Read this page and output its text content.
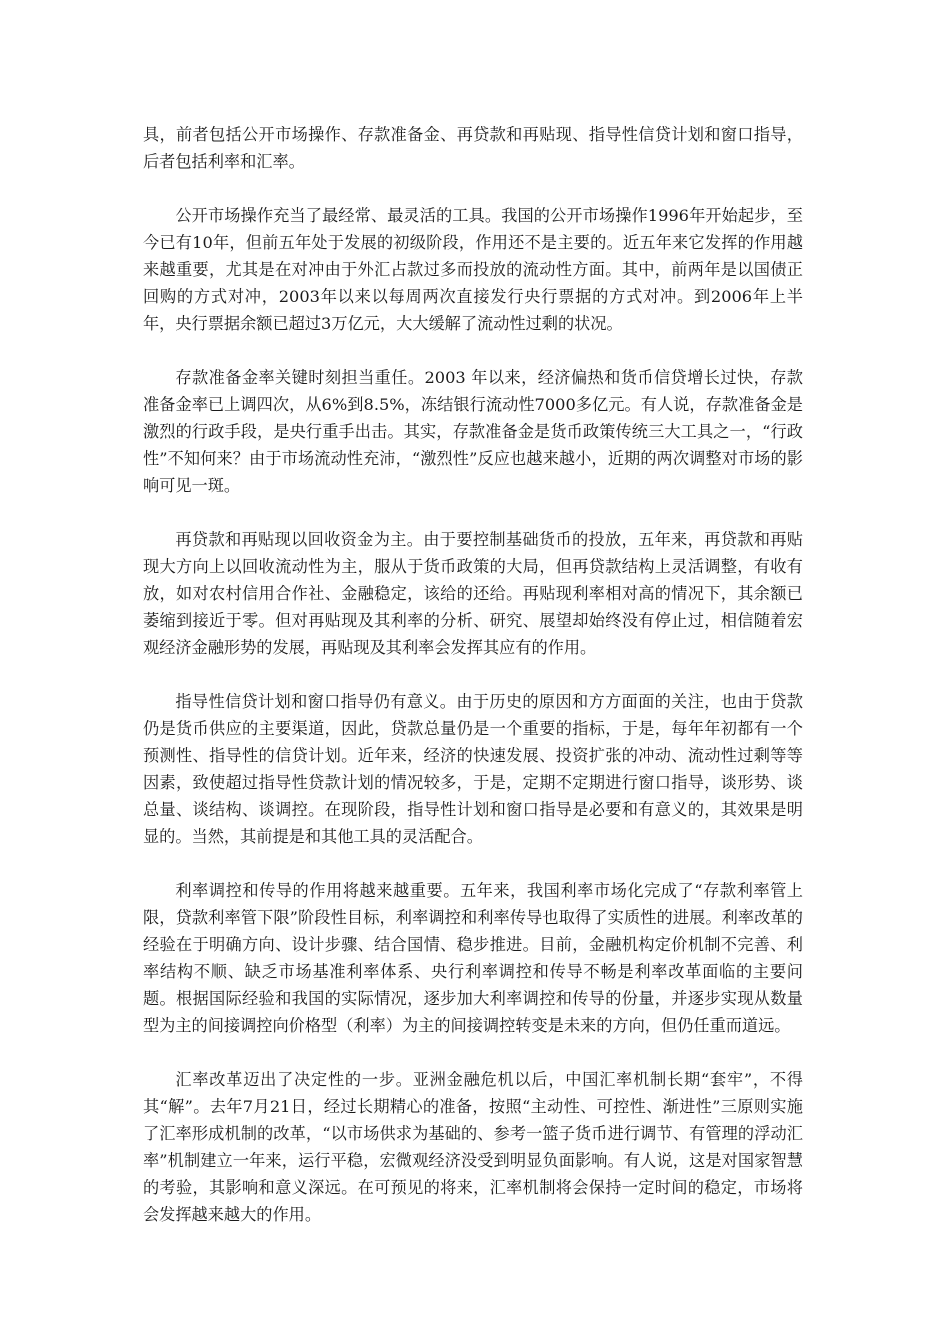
具，前者包括公开市场操作、存款准备金、再贷款和再贴现、指导性信贷计划和窗口指导，后者包括利率和汇率。

公开市场操作充当了最经常、最灵活的工具。我国的公开市场操作1996年开始起步，至今已有10年，但前五年处于发展的初级阶段，作用还不是主要的。近五年来它发挥的作用越来越重要，尤其是在对冲由于外汇占款过多而投放的流动性方面。其中，前两年是以国债正回购的方式对冲，2003年以来以每周两次直接发行央行票据的方式对冲。到2006年上半年，央行票据余额已超过3万亿元，大大缓解了流动性过剩的状况。

存款准备金率关键时刻担当重任。2003 年以来，经济偏热和货币信贷增长过快，存款准备金率已上调四次，从6%到8.5%，冻结银行流动性7000多亿元。有人说，存款准备金是激烈的行政手段，是央行重手出击。其实，存款准备金是货币政策传统三大工具之一，“行政性”不知何来？由于市场流动性充沛，“激烈性”反应也越来越小，近期的两次调整对市场的影响可见一斑。

再贷款和再贴现以回收资金为主。由于要控制基础货币的投放，五年来，再贷款和再贴现大方向上以回收流动性为主，服从于货币政策的大局，但再贷款结构上灵活调整，有收有放，如对农村信用合作社、金融稳定，该给的还给。再贴现利率相对高的情况下，其余额已萎缩到接近于零。但对再贴现及其利率的分析、研究、展望却始终没有停止过，相信随着宏观经济金融形势的发展，再贴现及其利率会发挥其应有的作用。

指导性信贷计划和窗口指导仍有意义。由于历史的原因和方方面面的关注，也由于贷款仍是货币供应的主要渠道，因此，贷款总量仍是一个重要的指标，于是，每年年初都有一个预测性、指导性的信贷计划。近年来，经济的快速发展、投资扩张的冲动、流动性过剩等等因素，致使超过指导性贷款计划的情况较多，于是，定期不定期进行窗口指导，谈形势、谈总量、谈结构、谈调控。在现阶段，指导性计划和窗口指导是必要和有意义的，其效果是明显的。当然，其前提是和其他工具的灵活配合。

利率调控和传导的作用将越来越重要。五年来，我国利率市场化完成了“存款利率管上限，贷款利率管下限”阶段性目标，利率调控和利率传导也取得了实质性的进展。利率改革的经验在于明确方向、设计步骤、结合国情、稳步推进。目前，金融机构定价机制不完善、利率结构不顺、缺乏市场基准利率体系、央行利率调控和传导不畅是利率改革面临的主要问题。根据国际经验和我国的实际情况，逐步加大利率调控和传导的份量，并逐步实现从数量型为主的间接调控向价格型（利率）为主的间接调控转变是未来的方向，但仍任重而道远。

汇率改革迈出了决定性的一步。亚洲金融危机以后，中国汇率机制长期“套牢”，不得其“解”。去年7月21日，经过长期精心的准备，按照“主动性、可控性、渐进性”三原则实施了汇率形成机制的改革，“以市场供求为基础的、参考一篮子货币进行调节、有管理的浮动汇率”机制建立一年来，运行平稳，宏微观经济没受到明显负面影响。有人说，这是对国家智慧的考验，其影响和意义深远。在可预见的将来，汇率机制将会保持一定时间的稳定，市场将会发挥越来越大的作用。
